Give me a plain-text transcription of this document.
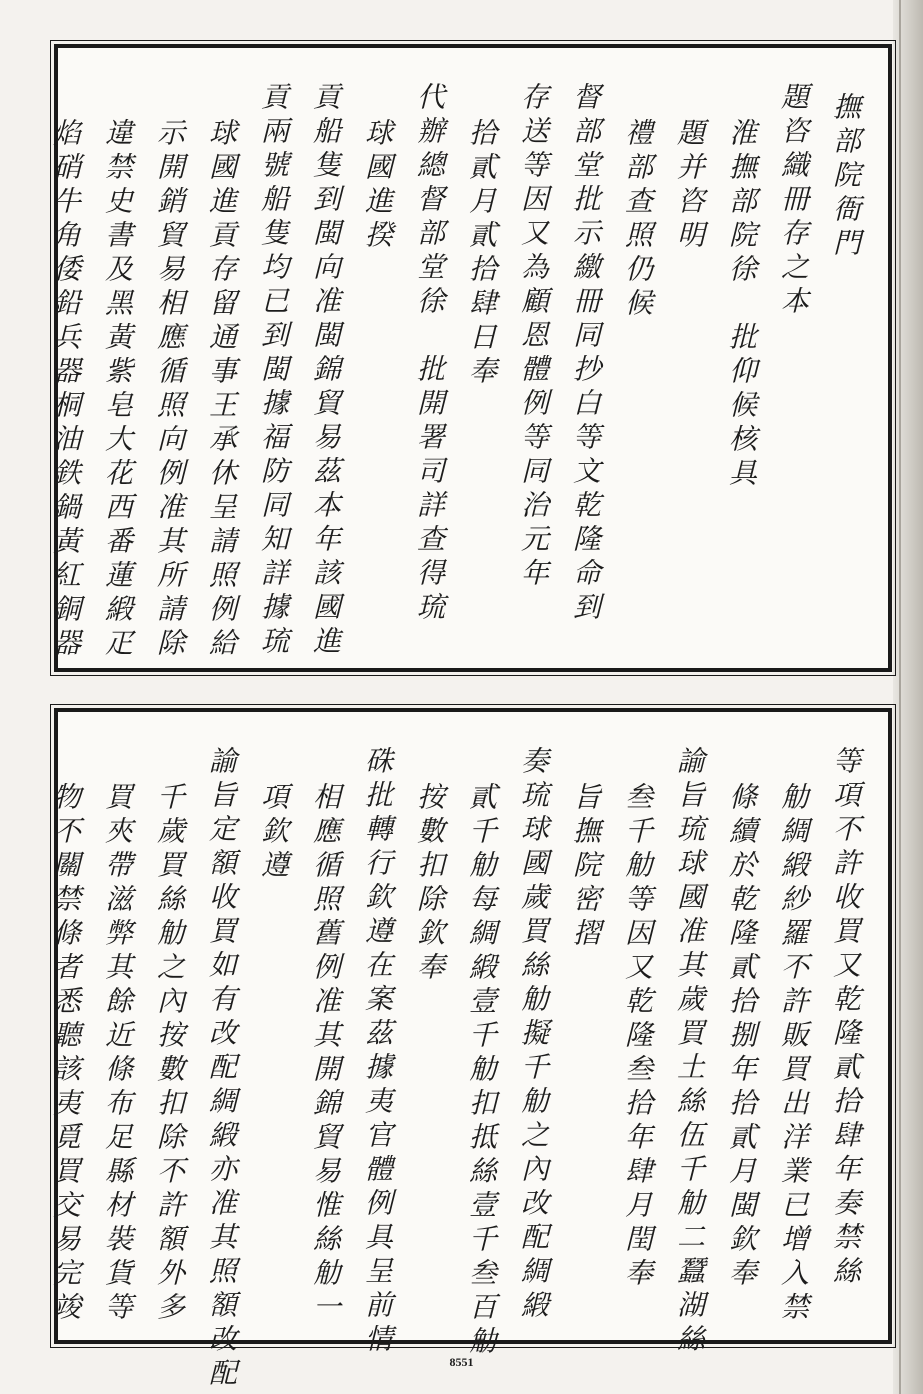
撫部院衙門
題咨織冊存之本
淮撫部院徐　批仰候核具
題并咨明
禮部查照仍候
督部堂批示繳冊同抄白等文乾隆命到
存送等因又為顧恩體例等同治元年
拾貳月貳拾肆日奉
代辦總督部堂徐　批開署司詳查得琉
球國進揆
貢船隻到閩向准閩錦貿易茲本年該國進
貢兩號船隻均已到閩據福防同知詳據琉
球國進貢存留通事王承休呈請照例給
示開銷貿易相應循照向例准其所請除
違禁史書及黑黃紫皂大花西番蓮緞疋
焰硝牛角倭鉛兵器桐油鉄鍋黃紅銅器
等項不許收買又乾隆貳拾肆年奏禁絲
觔綢緞紗羅不許販買出洋業已增入禁
條續於乾隆貳拾捌年拾貳月閩欽奉
諭旨琉球國准其歲買土絲伍千觔二蠶湖絲
叁千觔等因又乾隆叁拾年肆月閏奉
旨撫院密摺
奏琉球國歲買絲觔擬千觔之內改配綢緞
貳千觔每綢緞壹千觔扣抵絲壹千叁百觔
按數扣除欽奉
硃批轉行欽遵在案茲據夷官體例具呈前情
相應循照舊例准其開錦貿易惟絲觔一
項欽遵
諭旨定額收買如有改配綢緞亦准其照額改配
千歲買絲觔之內按數扣除不許額外多
買夾帶滋弊其餘近條布足縣材裝貨等
物不關禁條者悉聽該夷覓買交易完竣
8551
